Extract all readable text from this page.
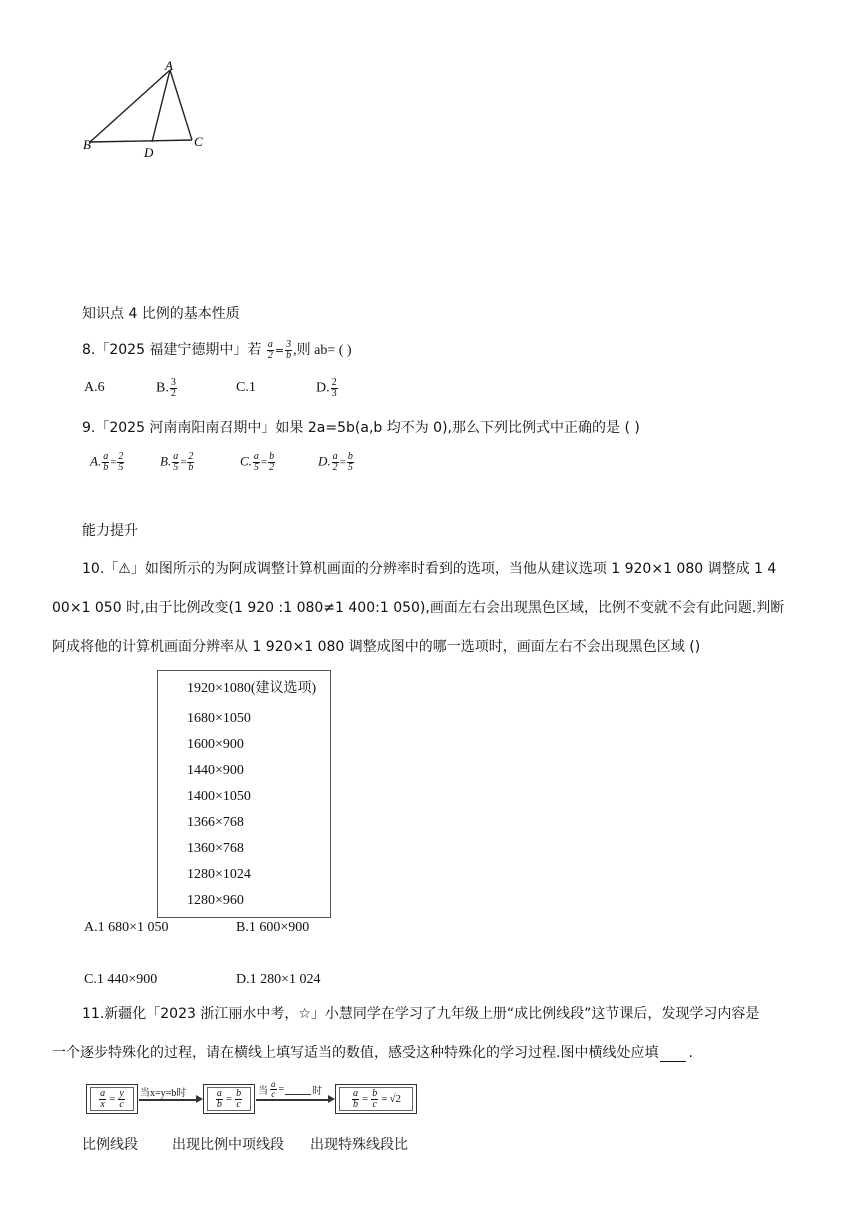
A
B	C
D
知识点 4 比例的基本性质
8.「2025 福建宁德期中」若 $\frac{a}{2} = \frac{3}{b}$ ,则 ab= ( )
A.6	B. $\frac{3}{2}$	C.1	D. $\frac{2}{3}$
9.「2025 河南南阳南召期中」如果 2a=5b(a,b 均不为 0),那么下列比例式中正确的是 ( )
A. $\frac{a}{b} = \frac{2}{5}$	B. $\frac{a}{5} = \frac{2}{b}$	C. $\frac{a}{5} = \frac{b}{2}$	D. $\frac{a}{2} = \frac{b}{5}$
能力提升
10.「⚠」如图所示的为阿成调整计算机画面的分辨率时看到的选项，当他从建议选项 1 920×1 080 调整成 1 4
00×1 050 时,由于比例改变(1 920 :1 080≠1 400:1 050),画面左右会出现黑色区域，比例不变就不会有此问题.判断
阿成将他的计算机画面分辨率从 1 920×1 080 调整成图中的哪一选项时，画面左右不会出现黑色区域 ()
1920×1080(建议选项)
1680×1050
1600×900
1440×900
1400×1050
1366×768
1360×768
1280×1024
1280×960
A.1 680×1 050	B.1 600×900
C.1 440×900	D.1 280×1 024
11.新疆化「2023 浙江丽水中考，☆」小慧同学在学习了九年级上册“成比例线段”这节课后，发现学习内容是
一个逐步特殊化的过程，请在横线上填写适当的数值，感受这种特殊化的学习过程.图中横线处应填 .
$\frac{a}{x} = \frac{y}{c}$ 当x=y=b时	$\frac{a}{b} = \frac{b}{c}$ 当 $\frac{a}{c}$ =	时	$\frac{a}{b} = \frac{b}{c} = √2$
比例线段 出现比例中项线段 出现特殊线段比
